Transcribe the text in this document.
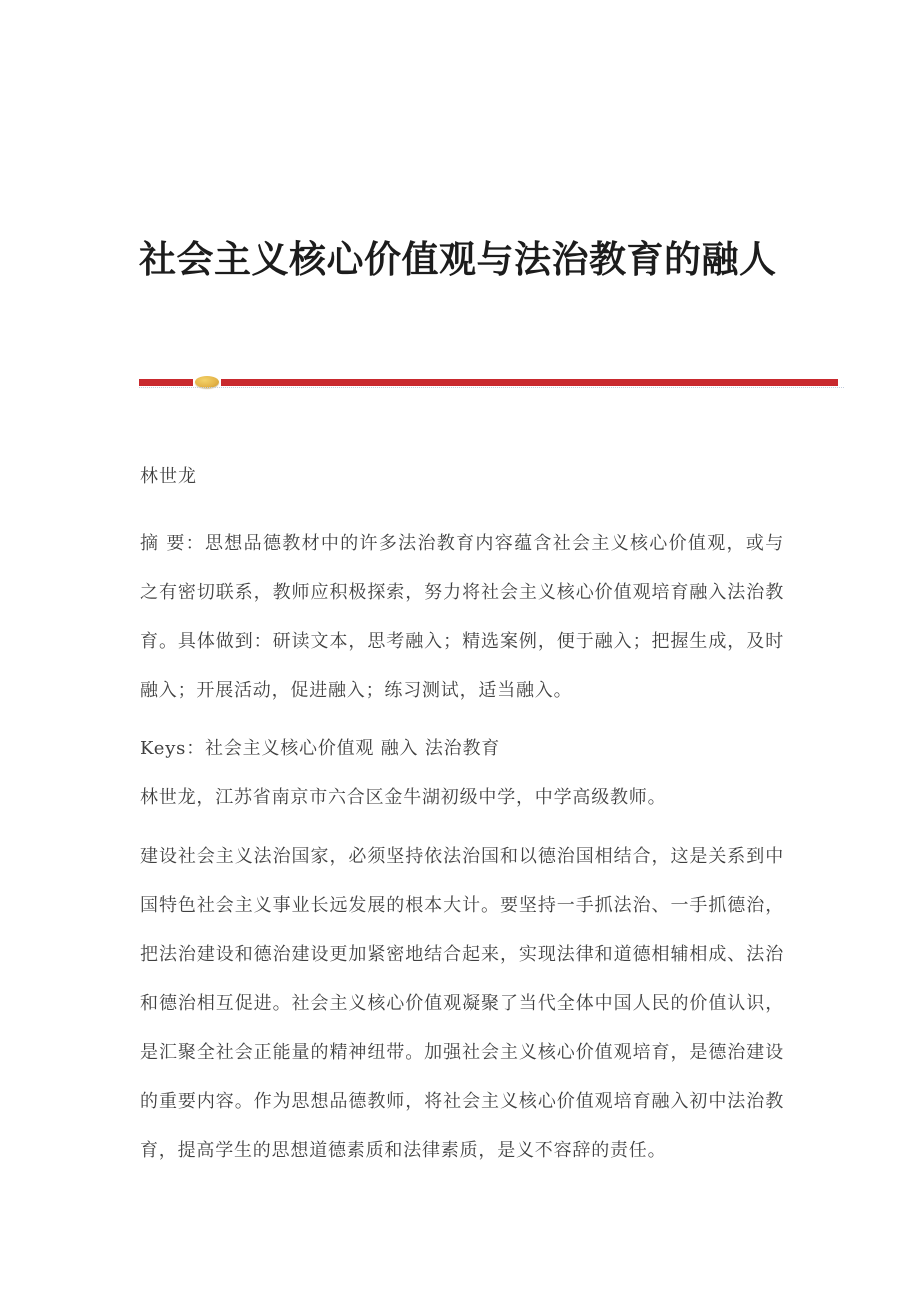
社会主义核心价值观与法治教育的融人
林世龙

摘 要：思想品德教材中的许多法治教育内容蕴含社会主义核心价值观，或与之有密切联系，教师应积极探索，努力将社会主义核心价值观培育融入法治教育。具体做到：研读文本，思考融入；精选案例，便于融入；把握生成，及时融入；开展活动，促进融入；练习测试，适当融入。

Keys：社会主义核心价值观 融入 法治教育

林世龙，江苏省南京市六合区金牛湖初级中学，中学高级教师。

建设社会主义法治国家，必须坚持依法治国和以德治国相结合，这是关系到中国特色社会主义事业长远发展的根本大计。要坚持一手抓法治、一手抓德治，把法治建设和德治建设更加紧密地结合起来，实现法律和道德相辅相成、法治和德治相互促进。社会主义核心价值观凝聚了当代全体中国人民的价值认识，是汇聚全社会正能量的精神纽带。加强社会主义核心价值观培育，是德治建设的重要内容。作为思想品德教师，将社会主义核心价值观培育融入初中法治教育，提高学生的思想道德素质和法律素质，是义不容辞的责任。
